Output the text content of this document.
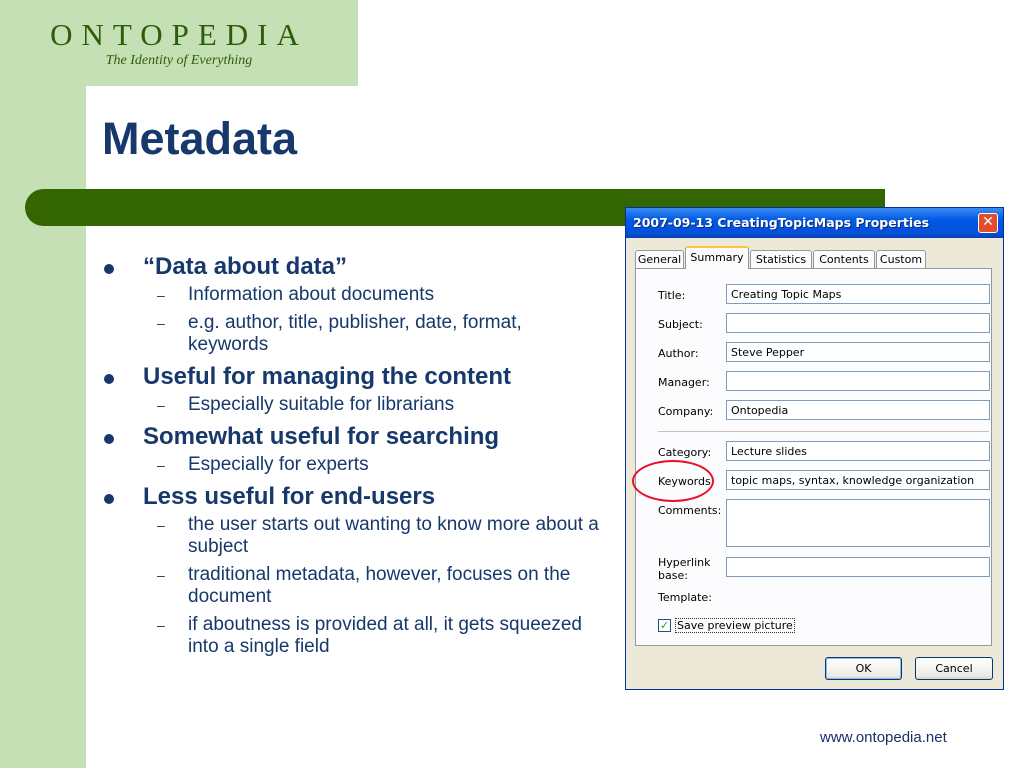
ONTOPEDIA
The Identity of Everything
Metadata
“Data about data”
– Information about documents
– e.g. author, title, publisher, date, format, keywords
Useful for managing the content
– Especially suitable for librarians
Somewhat useful for searching
– Especially for experts
Less useful for end-users
– the user starts out wanting to know more about a subject
– traditional metadata, however, focuses on the document
– if aboutness is provided at all, it gets squeezed into a single field
www.ontopedia.net
2007-09-13 CreatingTopicMaps Properties	✕
General Summary	Statistics	Contents	Custom
Title:	Creating Topic Maps
Subject:
Author:	Steve Pepper
Manager:
Company:	Ontopedia
Category:	Lecture slides
Keywords:	topic maps, syntax, knowledge organization
Comments:
Hyperlink
base:
Template:
✓ Save preview picture
OK	Cancel
